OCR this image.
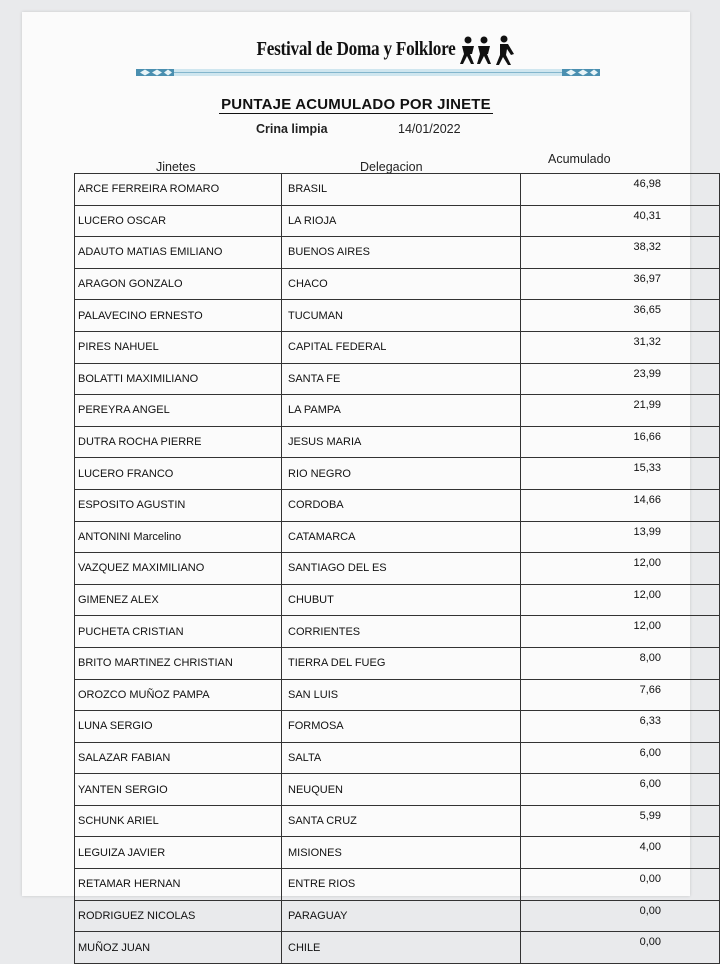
Festival de Doma y Folklore
PUNTAJE ACUMULADO POR JINETE
Crina limpia	14/01/2022
Jinetes	Delegacion
Acumulado
ARCE FERREIRA ROMARO	BRASIL	46,98
LUCERO OSCAR	LA RIOJA	40,31
ADAUTO MATIAS EMILIANO	BUENOS AIRES	38,32
ARAGON GONZALO	CHACO	36,97
PALAVECINO ERNESTO	TUCUMAN	36,65
PIRES NAHUEL	CAPITAL FEDERAL	31,32
BOLATTI MAXIMILIANO	SANTA FE	23,99
PEREYRA ANGEL	LA PAMPA	21,99
DUTRA ROCHA PIERRE	JESUS MARIA	16,66
LUCERO FRANCO	RIO NEGRO	15,33
ESPOSITO AGUSTIN	CORDOBA	14,66
ANTONINI Marcelino	CATAMARCA	13,99
VAZQUEZ MAXIMILIANO	SANTIAGO DEL ES	12,00
GIMENEZ ALEX	CHUBUT	12,00
PUCHETA CRISTIAN	CORRIENTES	12,00
BRITO MARTINEZ CHRISTIAN	TIERRA DEL FUEG	8,00
OROZCO MUÑOZ PAMPA	SAN LUIS	7,66
LUNA SERGIO	FORMOSA	6,33
SALAZAR FABIAN	SALTA	6,00
YANTEN SERGIO	NEUQUEN	6,00
SCHUNK ARIEL	SANTA CRUZ	5,99
LEGUIZA JAVIER	MISIONES	4,00
RETAMAR HERNAN	ENTRE RIOS	0,00
RODRIGUEZ NICOLAS	PARAGUAY	0,00
MUÑOZ JUAN	CHILE	0,00
